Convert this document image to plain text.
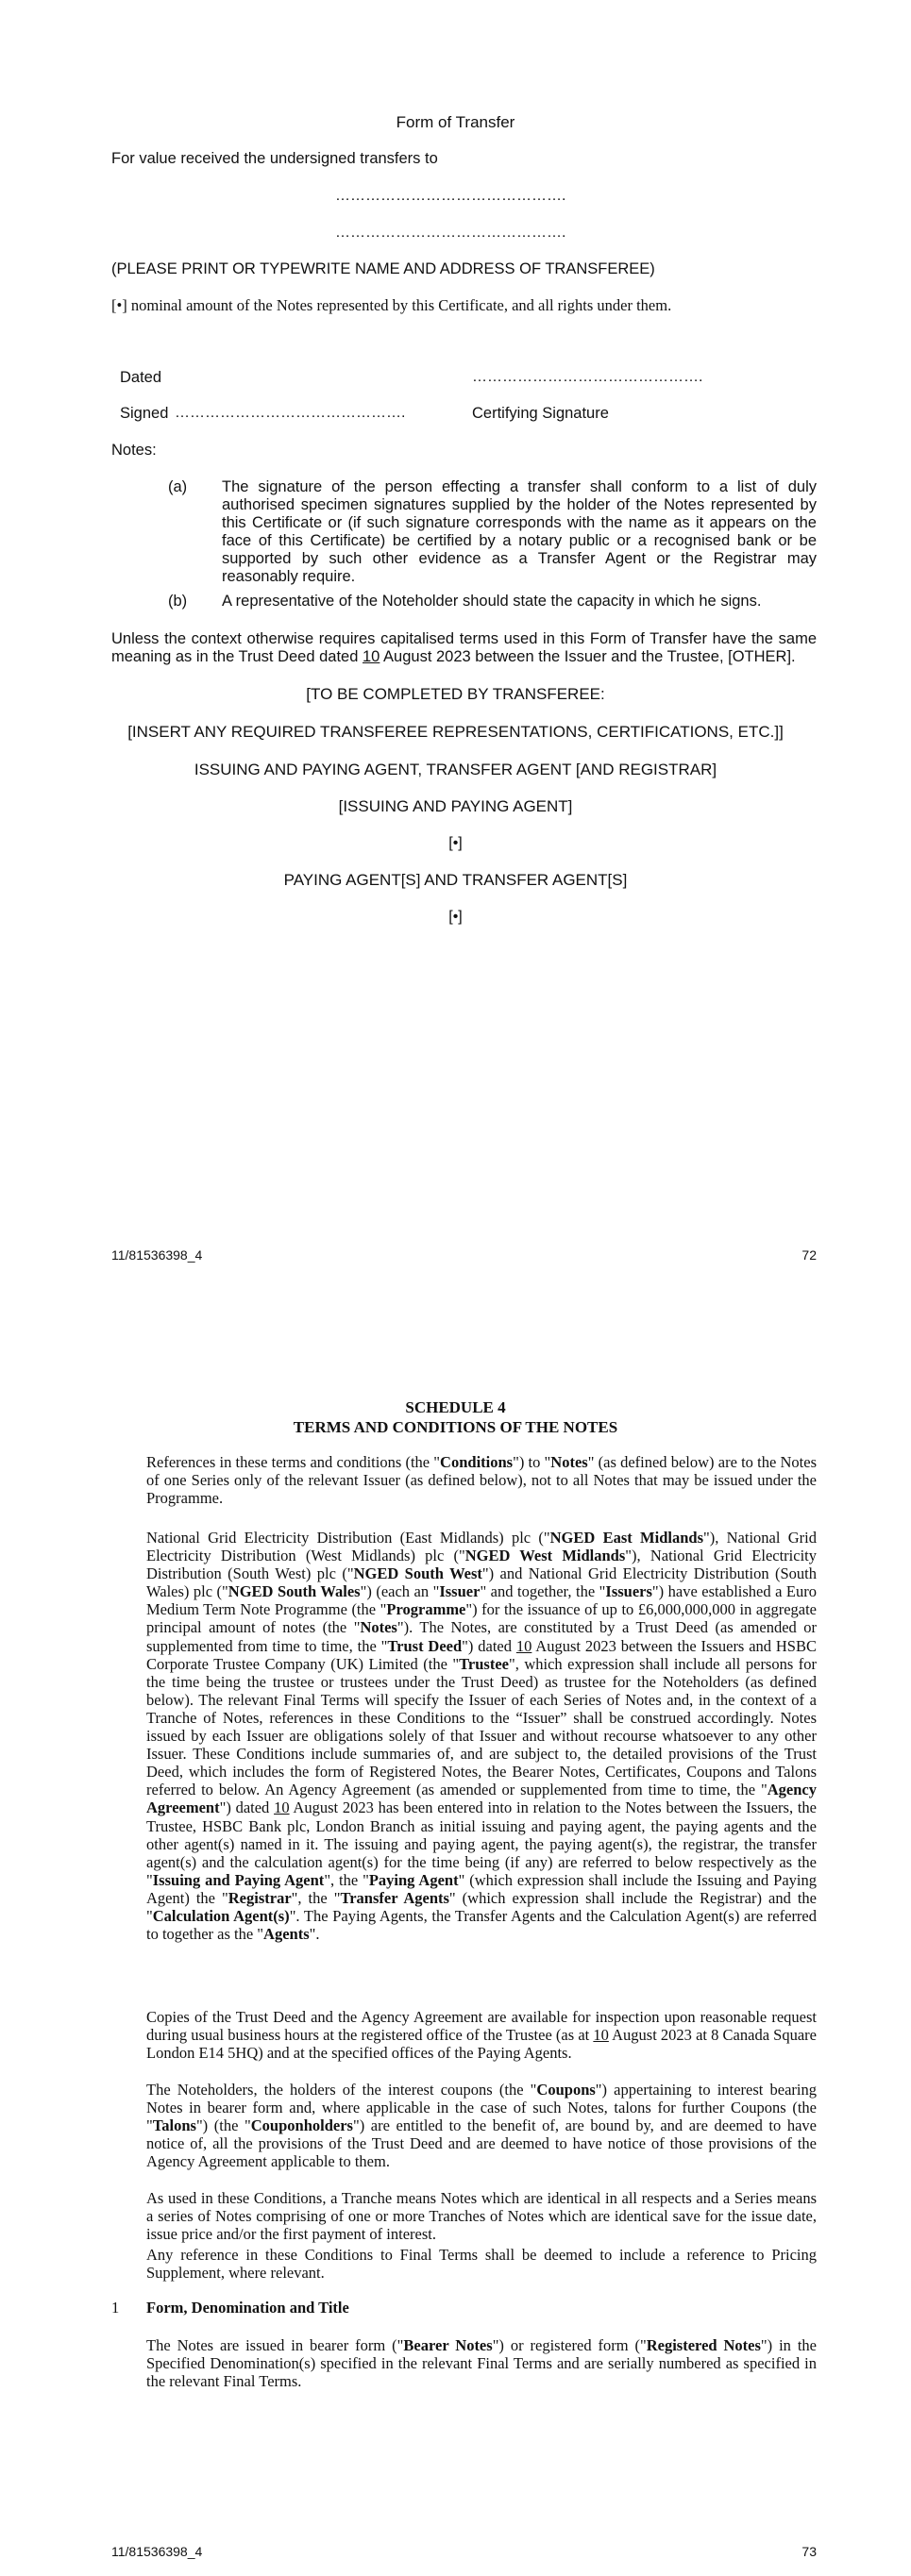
Form of Transfer
For value received the undersigned transfers to
……………………………………….
……………………………………….
(PLEASE PRINT OR TYPEWRITE NAME AND ADDRESS OF TRANSFEREE)
[•] nominal amount of the Notes represented by this Certificate, and all rights under them.
Dated	……………………………………….
Signed ……………………………………….	Certifying Signature
Notes:
(a) The signature of the person effecting a transfer shall conform to a list of duly authorised specimen signatures supplied by the holder of the Notes represented by this Certificate or (if such signature corresponds with the name as it appears on the face of this Certificate) be certified by a notary public or a recognised bank or be supported by such other evidence as a Transfer Agent or the Registrar may reasonably require.
(b) A representative of the Noteholder should state the capacity in which he signs.
Unless the context otherwise requires capitalised terms used in this Form of Transfer have the same meaning as in the Trust Deed dated 10 August 2023 between the Issuer and the Trustee, [OTHER].
[TO BE COMPLETED BY TRANSFEREE:
[INSERT ANY REQUIRED TRANSFEREE REPRESENTATIONS, CERTIFICATIONS, ETC.]]
ISSUING AND PAYING AGENT, TRANSFER AGENT [AND REGISTRAR]
[ISSUING AND PAYING AGENT]
[•]
PAYING AGENT[S] AND TRANSFER AGENT[S]
[•]
11/81536398_4	72
SCHEDULE 4
TERMS AND CONDITIONS OF THE NOTES

References in these terms and conditions (the "Conditions") to "Notes" (as defined below) are to the Notes of one Series only of the relevant Issuer (as defined below), not to all Notes that may be issued under the Programme.

National Grid Electricity Distribution (East Midlands) plc ("NGED East Midlands"), National Grid Electricity Distribution (West Midlands) plc ("NGED West Midlands"), National Grid Electricity Distribution (South West) plc ("NGED South West") and National Grid Electricity Distribution (South Wales) plc ("NGED South Wales") (each an "Issuer" and together, the "Issuers") have established a Euro Medium Term Note Programme (the "Programme") for the issuance of up to £6,000,000,000 in aggregate principal amount of notes (the "Notes"). The Notes, are constituted by a Trust Deed (as amended or supplemented from time to time, the "Trust Deed") dated 10 August 2023 between the Issuers and HSBC Corporate Trustee Company (UK) Limited (the "Trustee", which expression shall include all persons for the time being the trustee or trustees under the Trust Deed) as trustee for the Noteholders (as defined below). The relevant Final Terms will specify the Issuer of each Series of Notes and, in the context of a Tranche of Notes, references in these Conditions to the “Issuer” shall be construed accordingly. Notes issued by each Issuer are obligations solely of that Issuer and without recourse whatsoever to any other Issuer. These Conditions include summaries of, and are subject to, the detailed provisions of the Trust Deed, which includes the form of Registered Notes, the Bearer Notes, Certificates, Coupons and Talons referred to below. An Agency Agreement (as amended or supplemented from time to time, the "Agency Agreement") dated 10 August 2023 has been entered into in relation to the Notes between the Issuers, the Trustee, HSBC Bank plc, London Branch as initial issuing and paying agent, the paying agents and the other agent(s) named in it. The issuing and paying agent, the paying agent(s), the registrar, the transfer agent(s) and the calculation agent(s) for the time being (if any) are referred to below respectively as the "Issuing and Paying Agent", the "Paying Agent" (which expression shall include the Issuing and Paying Agent) the "Registrar", the "Transfer Agents" (which expression shall include the Registrar) and the "Calculation Agent(s)". The Paying Agents, the Transfer Agents and the Calculation Agent(s) are referred to together as the "Agents".

Copies of the Trust Deed and the Agency Agreement are available for inspection upon reasonable request during usual business hours at the registered office of the Trustee (as at 10 August 2023 at 8 Canada Square London E14 5HQ) and at the specified offices of the Paying Agents.

The Noteholders, the holders of the interest coupons (the "Coupons") appertaining to interest bearing Notes in bearer form and, where applicable in the case of such Notes, talons for further Coupons (the "Talons") (the "Couponholders") are entitled to the benefit of, are bound by, and are deemed to have notice of, all the provisions of the Trust Deed and are deemed to have notice of those provisions of the Agency Agreement applicable to them.

As used in these Conditions, a Tranche means Notes which are identical in all respects and a Series means a series of Notes comprising of one or more Tranches of Notes which are identical save for the issue date, issue price and/or the first payment of interest.

Any reference in these Conditions to Final Terms shall be deemed to include a reference to Pricing Supplement, where relevant.

1 Form, Denomination and Title

The Notes are issued in bearer form ("Bearer Notes") or registered form ("Registered Notes") in the Specified Denomination(s) specified in the relevant Final Terms and are serially numbered as specified in the relevant Final Terms.

11/81536398_4	73
